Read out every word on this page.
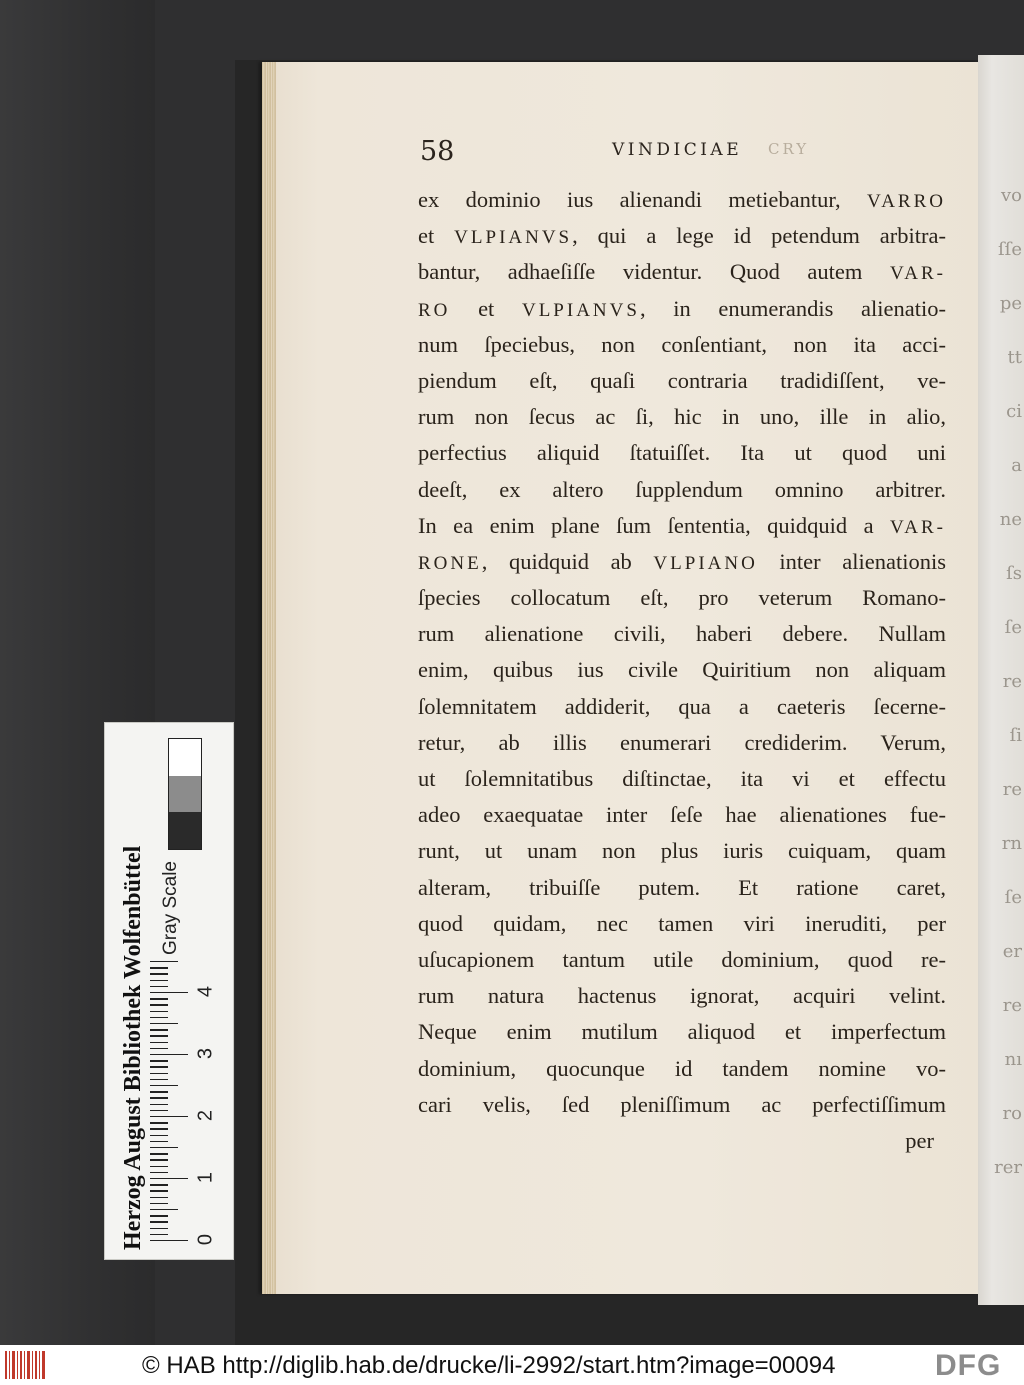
vo
ſſe
pe
tt
ci
a
ne
ſs
ſe
re
ſi
re
rn
ſe
er
re
nı
ro
rer
58	VINDICIAE CRY
ex dominio ius alienandi metiebantur, VARRO
et VLPIANVS, qui a lege id petendum arbitra-
bantur, adhaeſiſſe videntur. Quod autem VAR-
RO et VLPIANVS, in enumerandis alienatio-
num ſpeciebus, non conſentiant, non ita acci-
piendum eſt, quaſi contraria tradidiſſent, ve-
rum non ſecus ac ſi, hic in uno, ille in alio,
perfectius aliquid ſtatuiſſet. Ita ut quod uni
deeſt, ex altero ſupplendum omnino arbitrer.
In ea enim plane ſum ſententia, quidquid a VAR-
RONE, quidquid ab VLPIANO inter alienationis
ſpecies collocatum eſt, pro veterum Romano-
rum alienatione civili, haberi debere. Nullam
enim, quibus ius civile Quiritium non aliquam
ſolemnitatem addiderit, qua a caeteris ſecerne-
retur, ab illis enumerari crediderim. Verum,
ut ſolemnitatibus diſtinctae, ita vi et effectu
adeo exaequatae inter ſeſe hae alienationes fue-
runt, ut unam non plus iuris cuiquam, quam
alteram, tribuiſſe putem. Et ratione caret,
quod quidam, nec tamen viri ineruditi, per
uſucapionem tantum utile dominium, quod re-
rum natura hactenus ignorat, acquiri velint.
Neque enim mutilum aliquod et imperfectum
dominium, quocunque id tandem nomine vo-
cari velis, ſed pleniſſimum ac perfectiſſimum
per
Herzog August Bibliothek Wolfenbüttel Gray Scale
© HAB http://diglib.hab.de/drucke/li-2992/start.htm?image=00094	DFG
0
1
2
3
4
